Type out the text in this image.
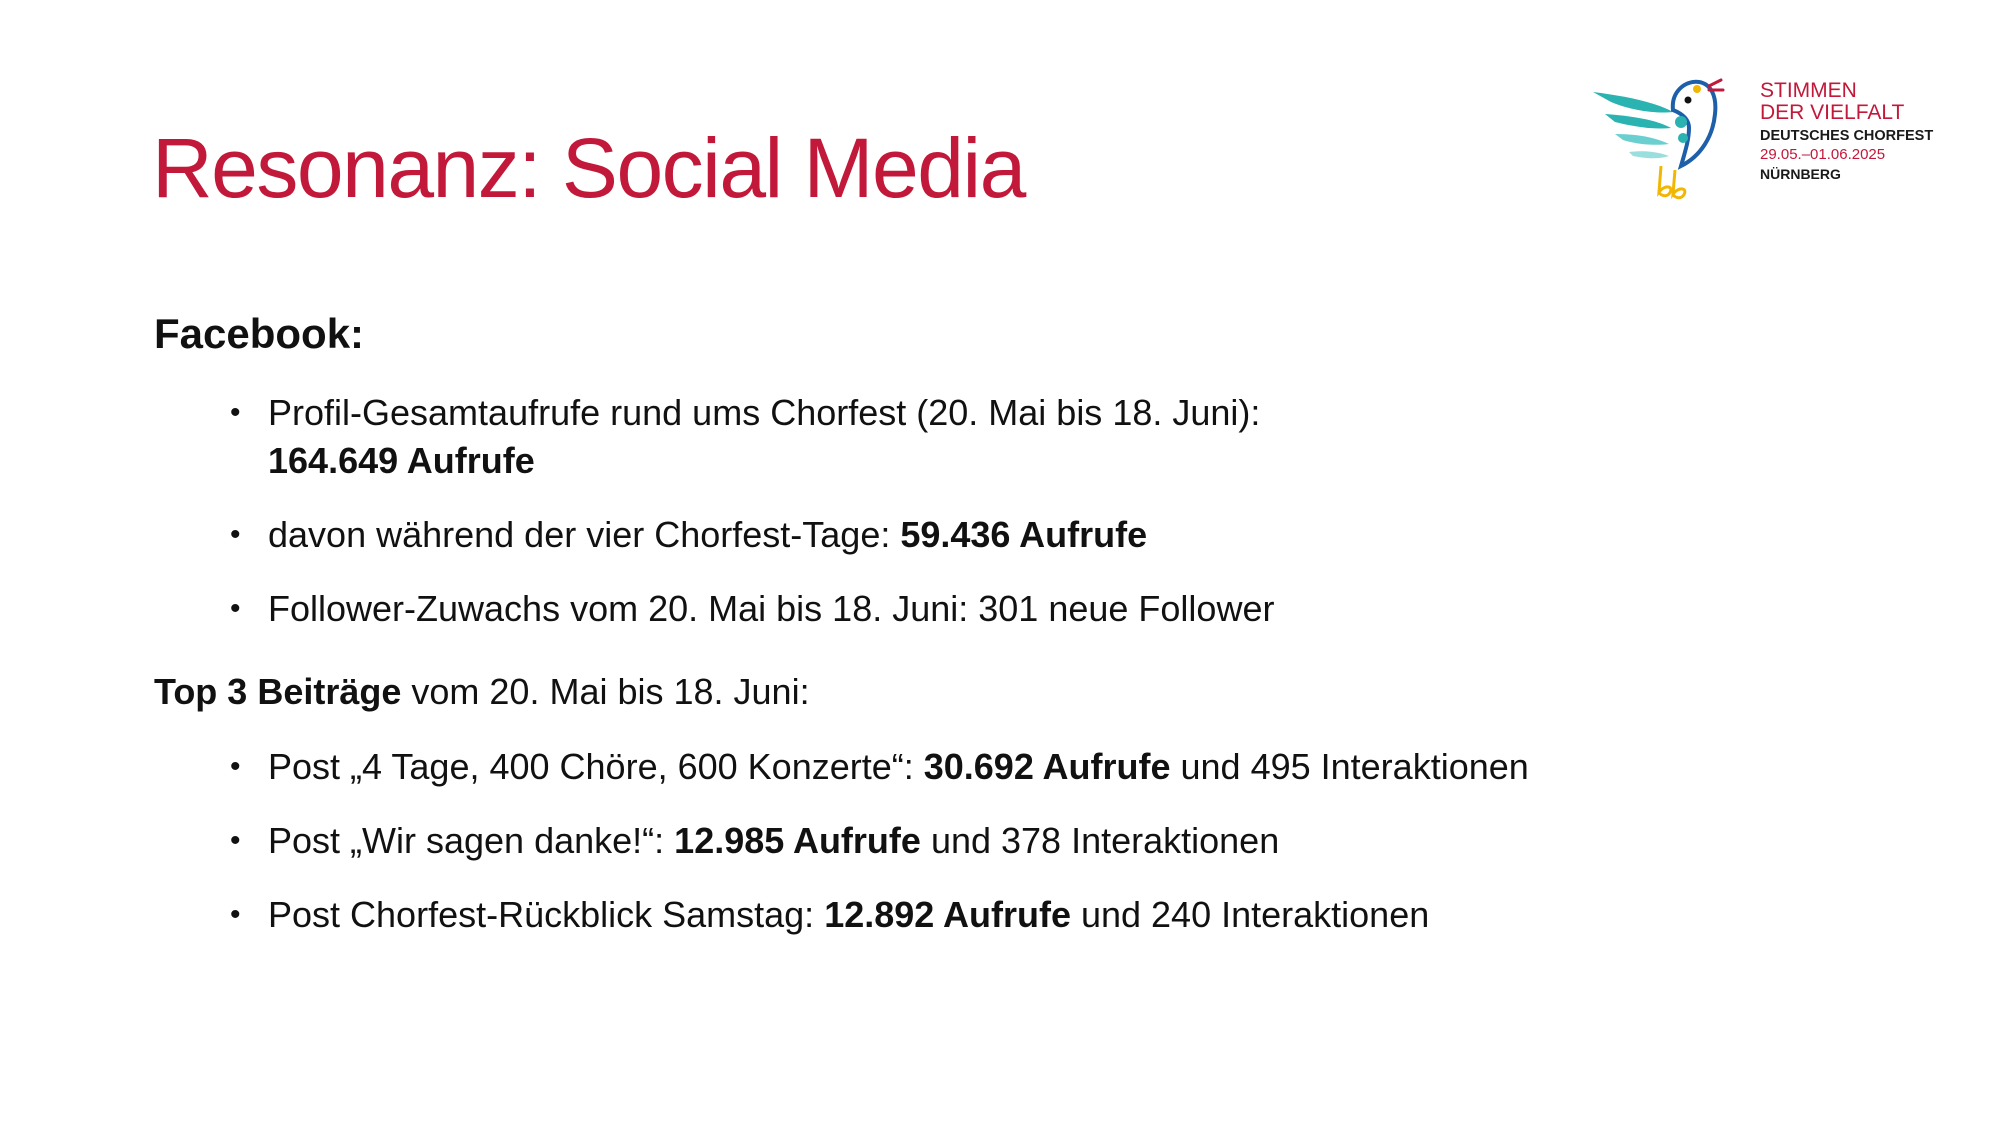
Resonanz: Social Media
STIMMEN
DER VIELFALT
DEUTSCHES CHORFEST
29.05.–01.06.2025
NÜRNBERG
Facebook:
• Profil-Gesamtaufrufe rund ums Chorfest (20. Mai bis 18. Juni):
164.649 Aufrufe
• davon während der vier Chorfest-Tage: 59.436 Aufrufe
• Follower-Zuwachs vom 20. Mai bis 18. Juni: 301 neue Follower

Top 3 Beiträge vom 20. Mai bis 18. Juni:

• Post „4 Tage, 400 Chöre, 600 Konzerte“: 30.692 Aufrufe und 495 Interaktionen
• Post „Wir sagen danke!“: 12.985 Aufrufe und 378 Interaktionen
• Post Chorfest-Rückblick Samstag: 12.892 Aufrufe und 240 Interaktionen
